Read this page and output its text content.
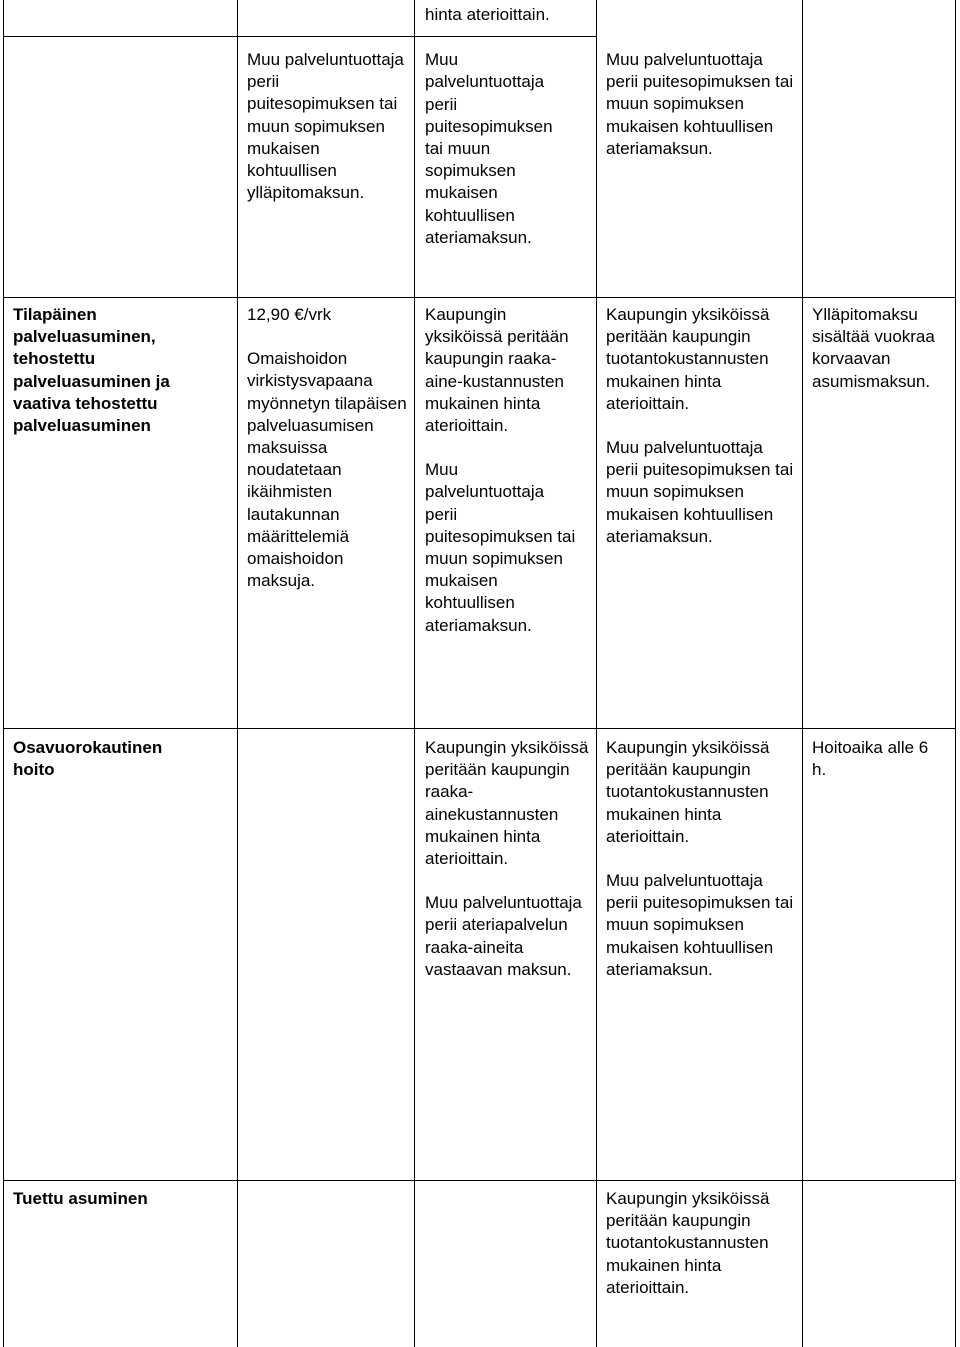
Muu palveluntuottaja perii puitesopimuksen tai muun sopimuksen mukaisen kohtuullisen ylläpitomaksun.

hinta aterioittain.

Muu palveluntuottaja perii puitesopimuksen tai muun sopimuksen mukaisen kohtuullisen ateriamaksun.

Muu palveluntuottaja perii puitesopimuksen tai muun sopimuksen mukaisen kohtuullisen ateriamaksun.

Tilapäinen palveluasuminen, tehostettu palveluasuminen ja vaativa tehostettu palveluasuminen

12,90 €/vrk

Omaishoidon virkistysvapaana myönnetyn tilapäisen palveluasumisen maksuissa noudatetaan ikäihmisten lautakunnan määrittelemiä omaishoidon maksuja.

Kaupungin yksiköissä peritään kaupungin raaka-aine-kustannusten mukainen hinta aterioittain.

Muu palveluntuottaja perii puitesopimuksen tai muun sopimuksen mukaisen kohtuullisen ateriamaksun.

Kaupungin yksiköissä peritään kaupungin tuotantokustannusten mukainen hinta aterioittain.

Muu palveluntuottaja perii puitesopimuksen tai muun sopimuksen mukaisen kohtuullisen ateriamaksun.

Ylläpitomaksu sisältää vuokraa korvaavan asumismaksun.

Osavuorokautinen hoito

Kaupungin yksiköissä peritään kaupungin raaka-ainekustannusten mukainen hinta aterioittain.

Muu palveluntuottaja perii ateriapalvelun raaka-aineita vastaavan maksun.

Kaupungin yksiköissä peritään kaupungin tuotantokustannusten mukainen hinta aterioittain.

Muu palveluntuottaja perii puitesopimuksen tai muun sopimuksen mukaisen kohtuullisen ateriamaksun.

Hoitoaika alle 6 h.

Tuettu asuminen	Kaupungin yksiköissä peritään kaupungin tuotantokustannusten mukainen hinta aterioittain.
